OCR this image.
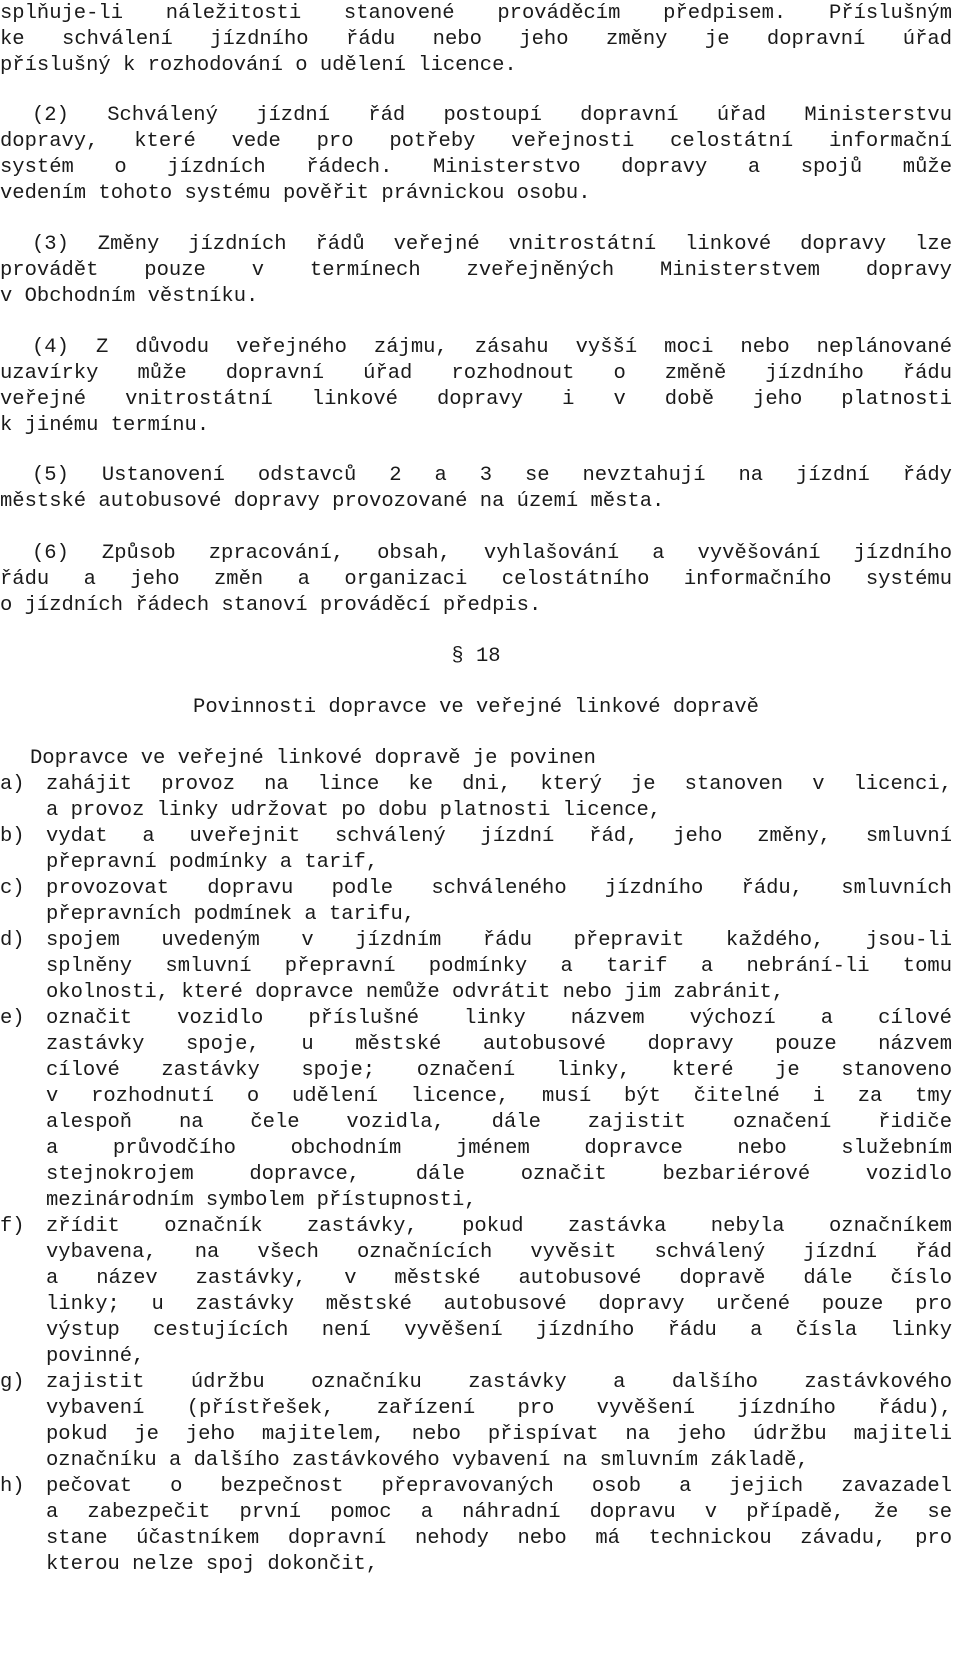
splňuje-li náležitosti stanovené prováděcím předpisem. Příslušným

ke schválení jízdního řádu nebo jeho změny je dopravní úřad

příslušný k rozhodování o udělení licence.

(2) Schválený jízdní řád postoupí dopravní úřad Ministerstvu

dopravy, které vede pro potřeby veřejnosti celostátní informační

systém o jízdních řádech. Ministerstvo dopravy a spojů může

vedením tohoto systému pověřit právnickou osobu.

(3) Změny jízdních řádů veřejné vnitrostátní linkové dopravy lze

provádět pouze v termínech zveřejněných Ministerstvem dopravy

v Obchodním věstníku.

(4) Z důvodu veřejného zájmu, zásahu vyšší moci nebo neplánované

uzavírky může dopravní úřad rozhodnout o změně jízdního řádu

veřejné vnitrostátní linkové dopravy i v době jeho platnosti

k jinému termínu.

(5) Ustanovení odstavců 2 a 3 se nevztahují na jízdní řády

městské autobusové dopravy provozované na území města.

(6) Způsob zpracování, obsah, vyhlašování a vyvěšování jízdního

řádu a jeho změn a organizaci celostátního informačního systému

o jízdních řádech stanoví prováděcí předpis.

§ 18

Povinnosti dopravce ve veřejné linkové dopravě

Dopravce ve veřejné linkové dopravě je povinen

a)	zahájit provoz na lince ke dni, který je stanoven v licenci,

a provoz linky udržovat po dobu platnosti licence,

b)	vydat a uveřejnit schválený jízdní řád, jeho změny, smluvní

přepravní podmínky a tarif,

c)	provozovat dopravu podle schváleného jízdního řádu, smluvních

přepravních podmínek a tarifu,

d)	spojem uvedeným v jízdním řádu přepravit každého, jsou-li

splněny smluvní přepravní podmínky a tarif a nebrání-li tomu

okolnosti, které dopravce nemůže odvrátit nebo jim zabránit,

e)	označit vozidlo příslušné linky názvem výchozí a cílové

zastávky spoje, u městské autobusové dopravy pouze názvem

cílové zastávky spoje; označení linky, které je stanoveno

v rozhodnutí o udělení licence, musí být čitelné i za tmy

alespoň na čele vozidla, dále zajistit označení řidiče

a průvodčího obchodním jménem dopravce nebo služebním

stejnokrojem dopravce, dále označit bezbariérové vozidlo

mezinárodním symbolem přístupnosti,

f)	zřídit označník zastávky, pokud zastávka nebyla označníkem

vybavena, na všech označnících vyvěsit schválený jízdní řád

a název zastávky, v městské autobusové dopravě dále číslo

linky; u zastávky městské autobusové dopravy určené pouze pro

výstup cestujících není vyvěšení jízdního řádu a čísla linky

povinné,

g)	zajistit údržbu označníku zastávky a dalšího zastávkového

vybavení (přístřešek, zařízení pro vyvěšení jízdního řádu),

pokud je jeho majitelem, nebo přispívat na jeho údržbu majiteli

označníku a dalšího zastávkového vybavení na smluvním základě,

h)	pečovat o bezpečnost přepravovaných osob a jejich zavazadel

a zabezpečit první pomoc a náhradní dopravu v případě, že se

stane účastníkem dopravní nehody nebo má technickou závadu, pro

kterou nelze spoj dokončit,
